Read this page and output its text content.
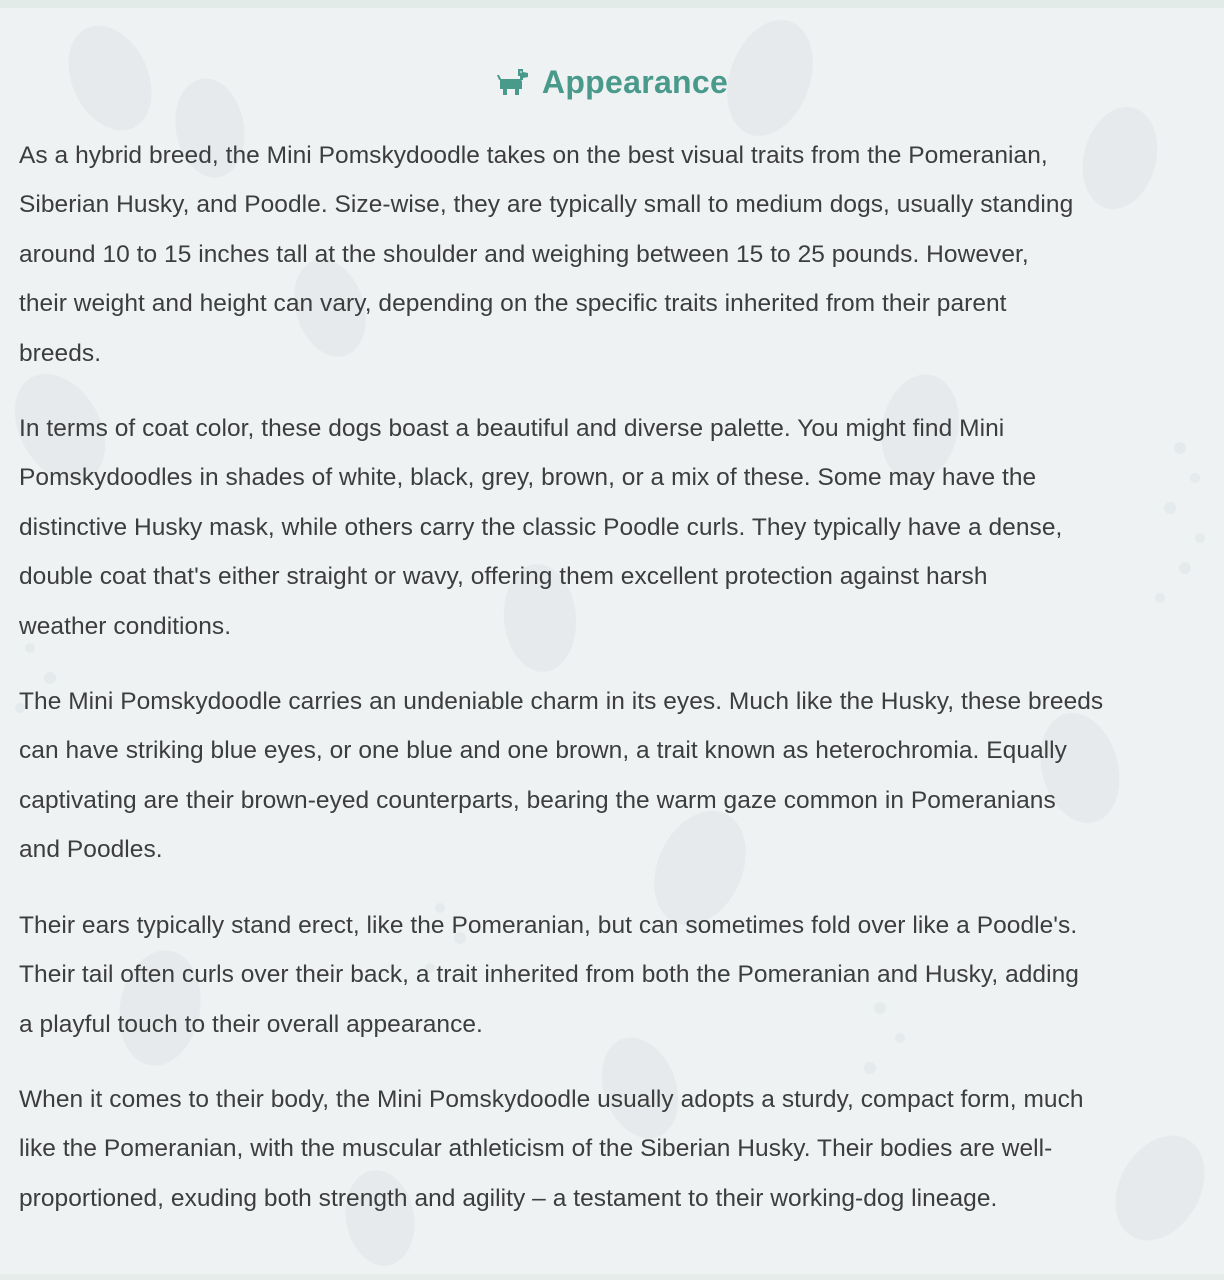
Appearance

As a hybrid breed, the Mini Pomskydoodle takes on the best visual traits from the Pomeranian,
Siberian Husky, and Poodle. Size-wise, they are typically small to medium dogs, usually standing
around 10 to 15 inches tall at the shoulder and weighing between 15 to 25 pounds. However,
their weight and height can vary, depending on the specific traits inherited from their parent
breeds.

In terms of coat color, these dogs boast a beautiful and diverse palette. You might find Mini
Pomskydoodles in shades of white, black, grey, brown, or a mix of these. Some may have the
distinctive Husky mask, while others carry the classic Poodle curls. They typically have a dense,
double coat that's either straight or wavy, offering them excellent protection against harsh
weather conditions.

The Mini Pomskydoodle carries an undeniable charm in its eyes. Much like the Husky, these breeds
can have striking blue eyes, or one blue and one brown, a trait known as heterochromia. Equally
captivating are their brown-eyed counterparts, bearing the warm gaze common in Pomeranians
and Poodles.

Their ears typically stand erect, like the Pomeranian, but can sometimes fold over like a Poodle's.
Their tail often curls over their back, a trait inherited from both the Pomeranian and Husky, adding
a playful touch to their overall appearance.

When it comes to their body, the Mini Pomskydoodle usually adopts a sturdy, compact form, much
like the Pomeranian, with the muscular athleticism of the Siberian Husky. Their bodies are well-
proportioned, exuding both strength and agility – a testament to their working-dog lineage.
